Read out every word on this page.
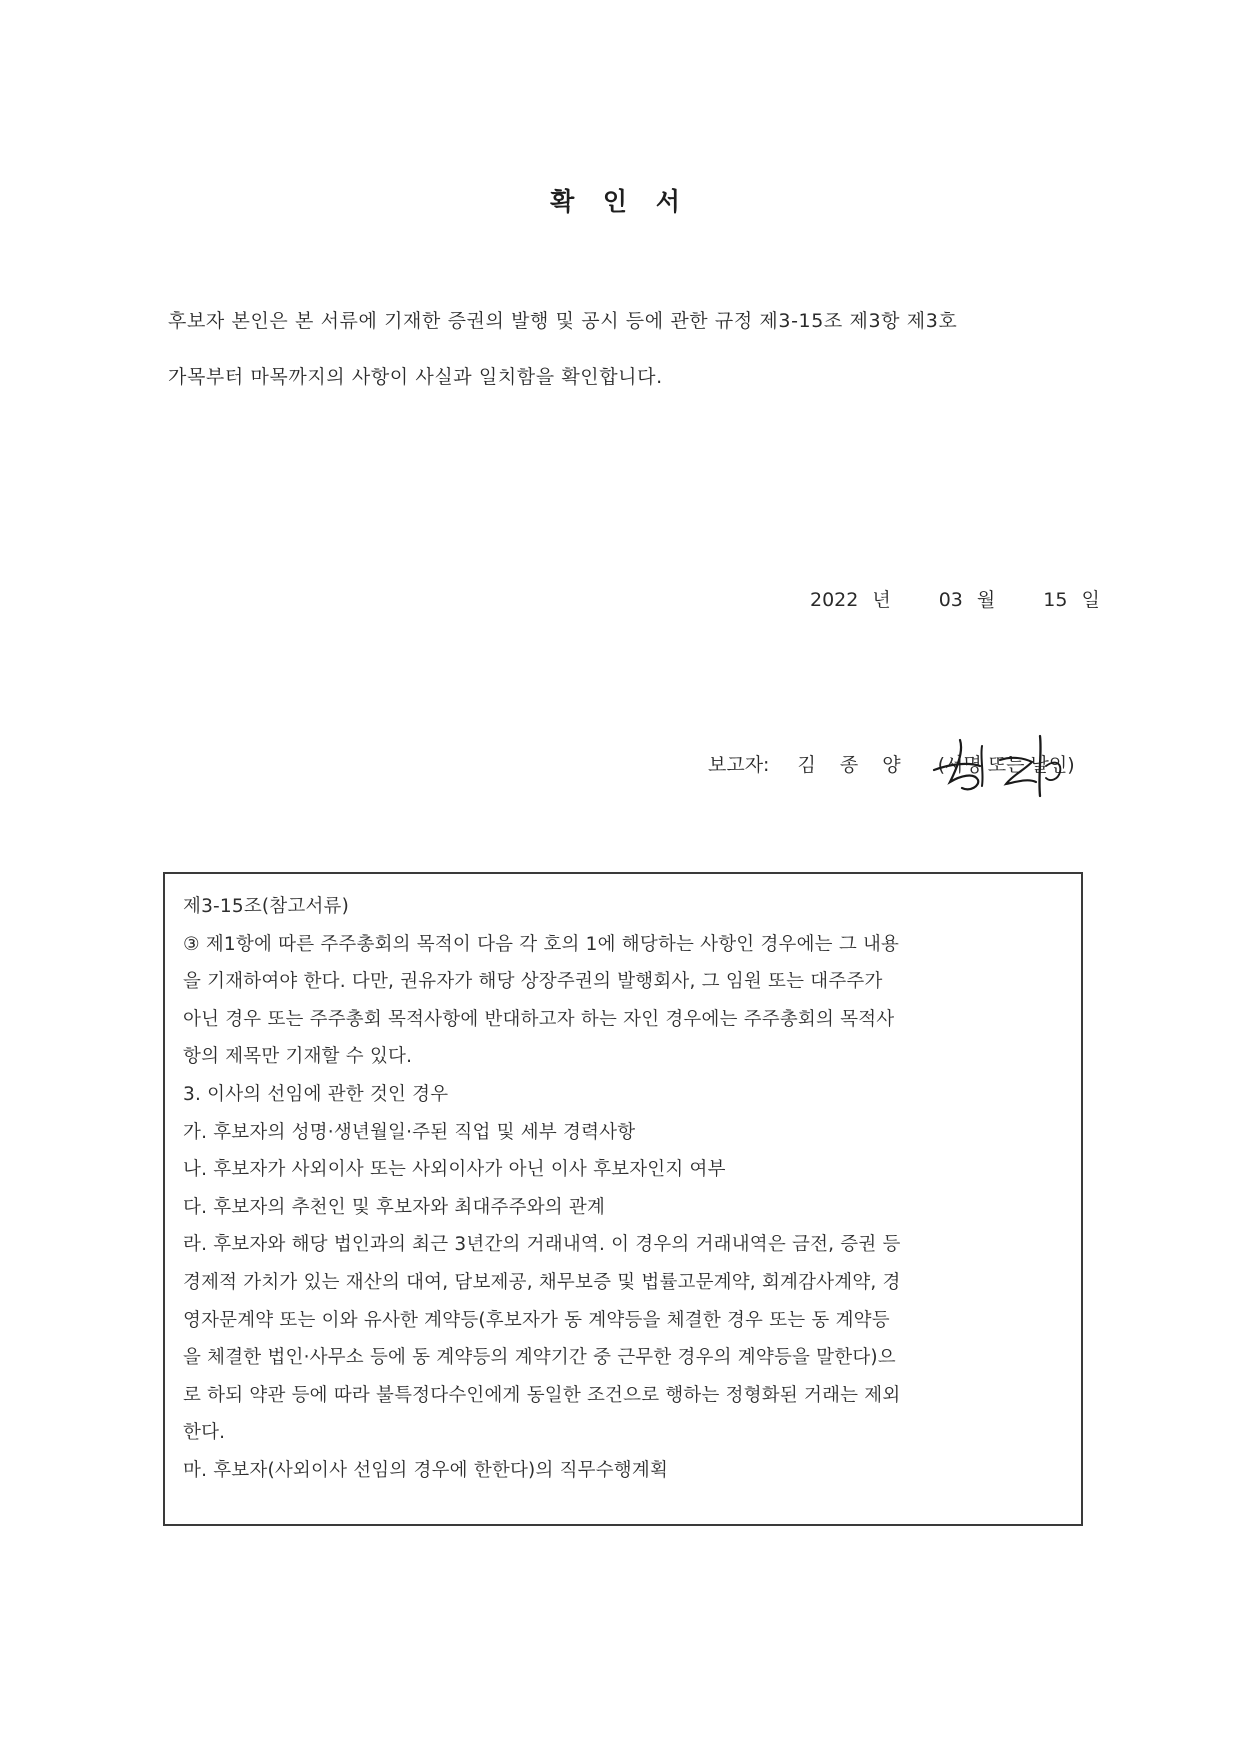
확 인 서
후보자 본인은 본 서류에 기재한 증권의 발행 및 공시 등에 관한 규정 제3-15조 제3항 제3호
가목부터 마목까지의 사항이 사실과 일치함을 확인합니다.
2022 년	03 월	15 일
보고자: 김 종 양 (서명 또는 날인)
제3-15조(참고서류)
③ 제1항에 따른 주주총회의 목적이 다음 각 호의 1에 해당하는 사항인 경우에는 그 내용
을 기재하여야 한다. 다만, 권유자가 해당 상장주권의 발행회사, 그 임원 또는 대주주가
아닌 경우 또는 주주총회 목적사항에 반대하고자 하는 자인 경우에는 주주총회의 목적사
항의 제목만 기재할 수 있다.
3. 이사의 선임에 관한 것인 경우
가. 후보자의 성명·생년월일·주된 직업 및 세부 경력사항
나. 후보자가 사외이사 또는 사외이사가 아닌 이사 후보자인지 여부
다. 후보자의 추천인 및 후보자와 최대주주와의 관계
라. 후보자와 해당 법인과의 최근 3년간의 거래내역. 이 경우의 거래내역은 금전, 증권 등
경제적 가치가 있는 재산의 대여, 담보제공, 채무보증 및 법률고문계약, 회계감사계약, 경
영자문계약 또는 이와 유사한 계약등(후보자가 동 계약등을 체결한 경우 또는 동 계약등
을 체결한 법인·사무소 등에 동 계약등의 계약기간 중 근무한 경우의 계약등을 말한다)으
로 하되 약관 등에 따라 불특정다수인에게 동일한 조건으로 행하는 정형화된 거래는 제외
한다.
마. 후보자(사외이사 선임의 경우에 한한다)의 직무수행계획
